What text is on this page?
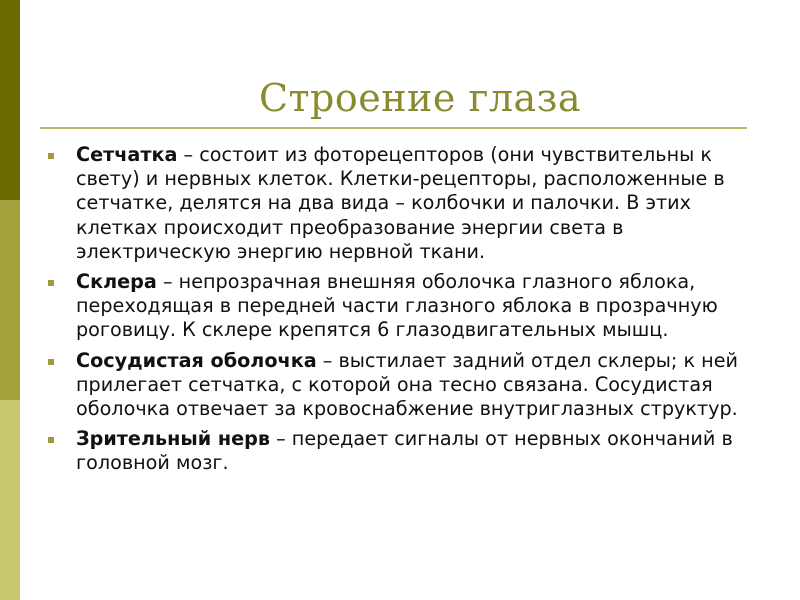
Строение глаза
Сетчатка – состоит из фоторецепторов (они чувствительны к свету) и нервных клеток. Клетки-рецепторы, расположенные в сетчатке, делятся на два вида – колбочки и палочки. В этих клетках происходит преобразование энергии света в электрическую энергию нервной ткани.
Склера – непрозрачная внешняя оболочка глазного яблока, переходящая в передней части глазного яблока в прозрачную роговицу. К склере крепятся 6 глазодвигательных мышц.
Сосудистая оболочка – выстилает задний отдел склеры; к ней прилегает сетчатка, с которой она тесно связана. Сосудистая оболочка отвечает за кровоснабжение внутриглазных структур.
Зрительный нерв – передает сигналы от нервных окончаний в головной мозг.
